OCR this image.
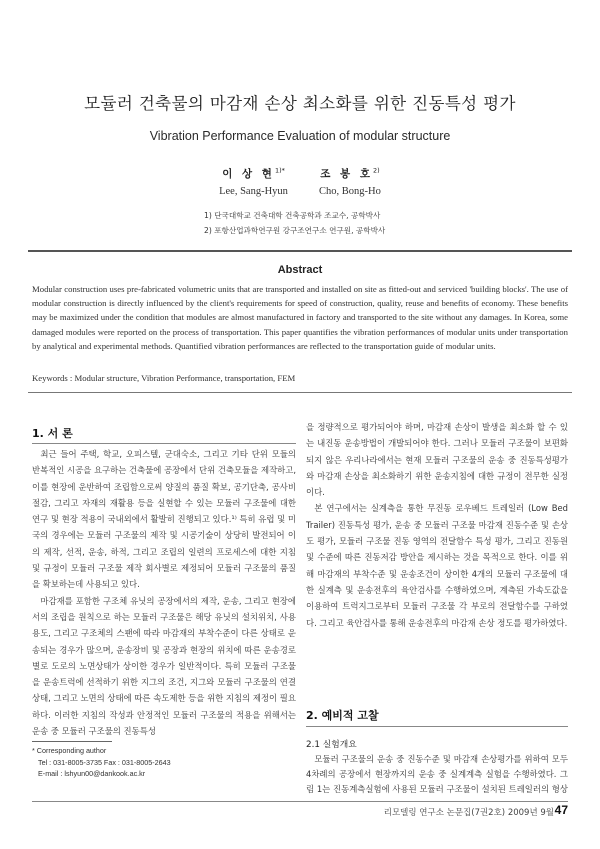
모듈러 건축물의 마감재 손상 최소화를 위한 진동특성 평가
Vibration Performance Evaluation of modular structure
이 상 현$^{1)*}$
Lee, Sang-Hyun

조 봉 호$^{2)}$
Cho, Bong-Ho
1) 단국대학교 건축대학 건축공학과 조교수, 공학박사
2) 포항산업과학연구원 강구조연구소 연구원, 공학박사
Abstract
Modular construction uses pre-fabricated volumetric units that are transported and installed on site as fitted-out and serviced 'building blocks'. The use of modular construction is directly influenced by the client's requirements for speed of construction, quality, reuse and benefits of economy. These benefits may be maximized under the condition that modules are almost manufactured in factory and transported to the site without any damages. In Korea, some damaged modules were reported on the process of transportation. This paper quantifies the vibration performances of modular units under transportation by analytical and experimental methods. Quantified vibration performances are reflected to the transportation guide of modular units.
Keywords : Modular structure, Vibration Performance, transportation, FEM
1. 서 론

최근 들어 주택, 학교, 오피스텔, 군대숙소, 그리고 기타 단위 모듈의 반복적인 시공을 요구하는 건축물에 공장에서 단위 건축모듈을 제작하고, 이를 현장에 운반하여 조립함으로써 양질의 품질 확보, 공기단축, 공사비 절감, 그리고 자재의 재활용 등을 실현할 수 있는 모듈러 구조물에 대한 연구 및 현장 적용이 국내외에서 활발히 진행되고 있다.¹⁾ 특히 유럽 및 미국의 경우에는 모듈러 구조물의 제작 및 시공기술이 상당히 발전되어 이의 제작, 선적, 운송, 하적, 그리고 조립의 일련의 프로세스에 대한 지침 및 규정이 모듈러 구조물 제작 회사별로 제정되어 모듈러 구조물의 품질을 확보하는데 사용되고 있다.

마감재를 포함한 구조체 유닛의 공장에서의 제작, 운송, 그리고 현장에서의 조립을 원칙으로 하는 모듈러 구조물은 해당 유닛의 설치위치, 사용용도, 그리고 구조체의 스팬에 따라 마감재의 부착수준이 다른 상태로 운송되는 경우가 많으며, 운송장비 및 공장과 현장의 위치에 따른 운송경로별로 도로의 노면상태가 상이한 경우가 일반적이다. 특히 모듈러 구조물을 운송트럭에 선적하기 위한 지그의 조건, 지그와 모듈러 구조물의 연결 상태, 그리고 노면의 상태에 따른 속도제한 등을 위한 지침의 제정이 필요하다. 이러한 지침의 작성과 안정적인 모듈러 구조물의 적용을 위해서는 운송 중 모듈러 구조물의 진동특성

* Corresponding author
Tel : 031-8005-3735 Fax : 031-8005-2643
E-mail : lshyun00@dankook.ac.kr

을 정량적으로 평가되어야 하며, 마감재 손상이 발생을 최소화 할 수 있는 내진동 운송방법이 개발되어야 한다. 그러나 모듈러 구조물이 보편화되지 않은 우리나라에서는 현재 모듈러 구조물의 운송 중 진동특성평가와 마감재 손상을 최소화하기 위한 운송지침에 대한 규정이 전무한 실정이다.

본 연구에서는 실계측을 통한 무진동 로우베드 트레일러 (Low Bed Trailer) 진동특성 평가, 운송 중 모듈러 구조물 마감재 진동수준 및 손상도 평가, 모듈러 구조물 진동 영역의 전달함수 특성 평가, 그리고 진동원 및 수준에 따른 진동저감 방안을 제시하는 것을 목적으로 한다. 이를 위해 마감재의 부착수준 및 운송조건이 상이한 4개의 모듈러 구조물에 대한 실계측 및 운송전후의 육안검사를 수행하였으며, 계측된 가속도값을 이용하여 트럭지그로부터 모듈러 구조물 각 부로의 전달함수를 구하였다. 그리고 육안검사를 통해 운송전후의 마감재 손상 정도를 평가하였다.

2. 예비적 고찰
2.1 실험개요

모듈러 구조물의 운송 중 진동수준 및 마감재 손상평가를 위하여 모두 4차례의 공장에서 현장까지의 운송 중 실계계측 실험을 수행하였다. 그림 1는 진동계측실험에 사용된 모듈러 구조물이 설치된 트레일러의 형상

리모델링 연구소 논문집(7권2호) 2009년 9월 47
